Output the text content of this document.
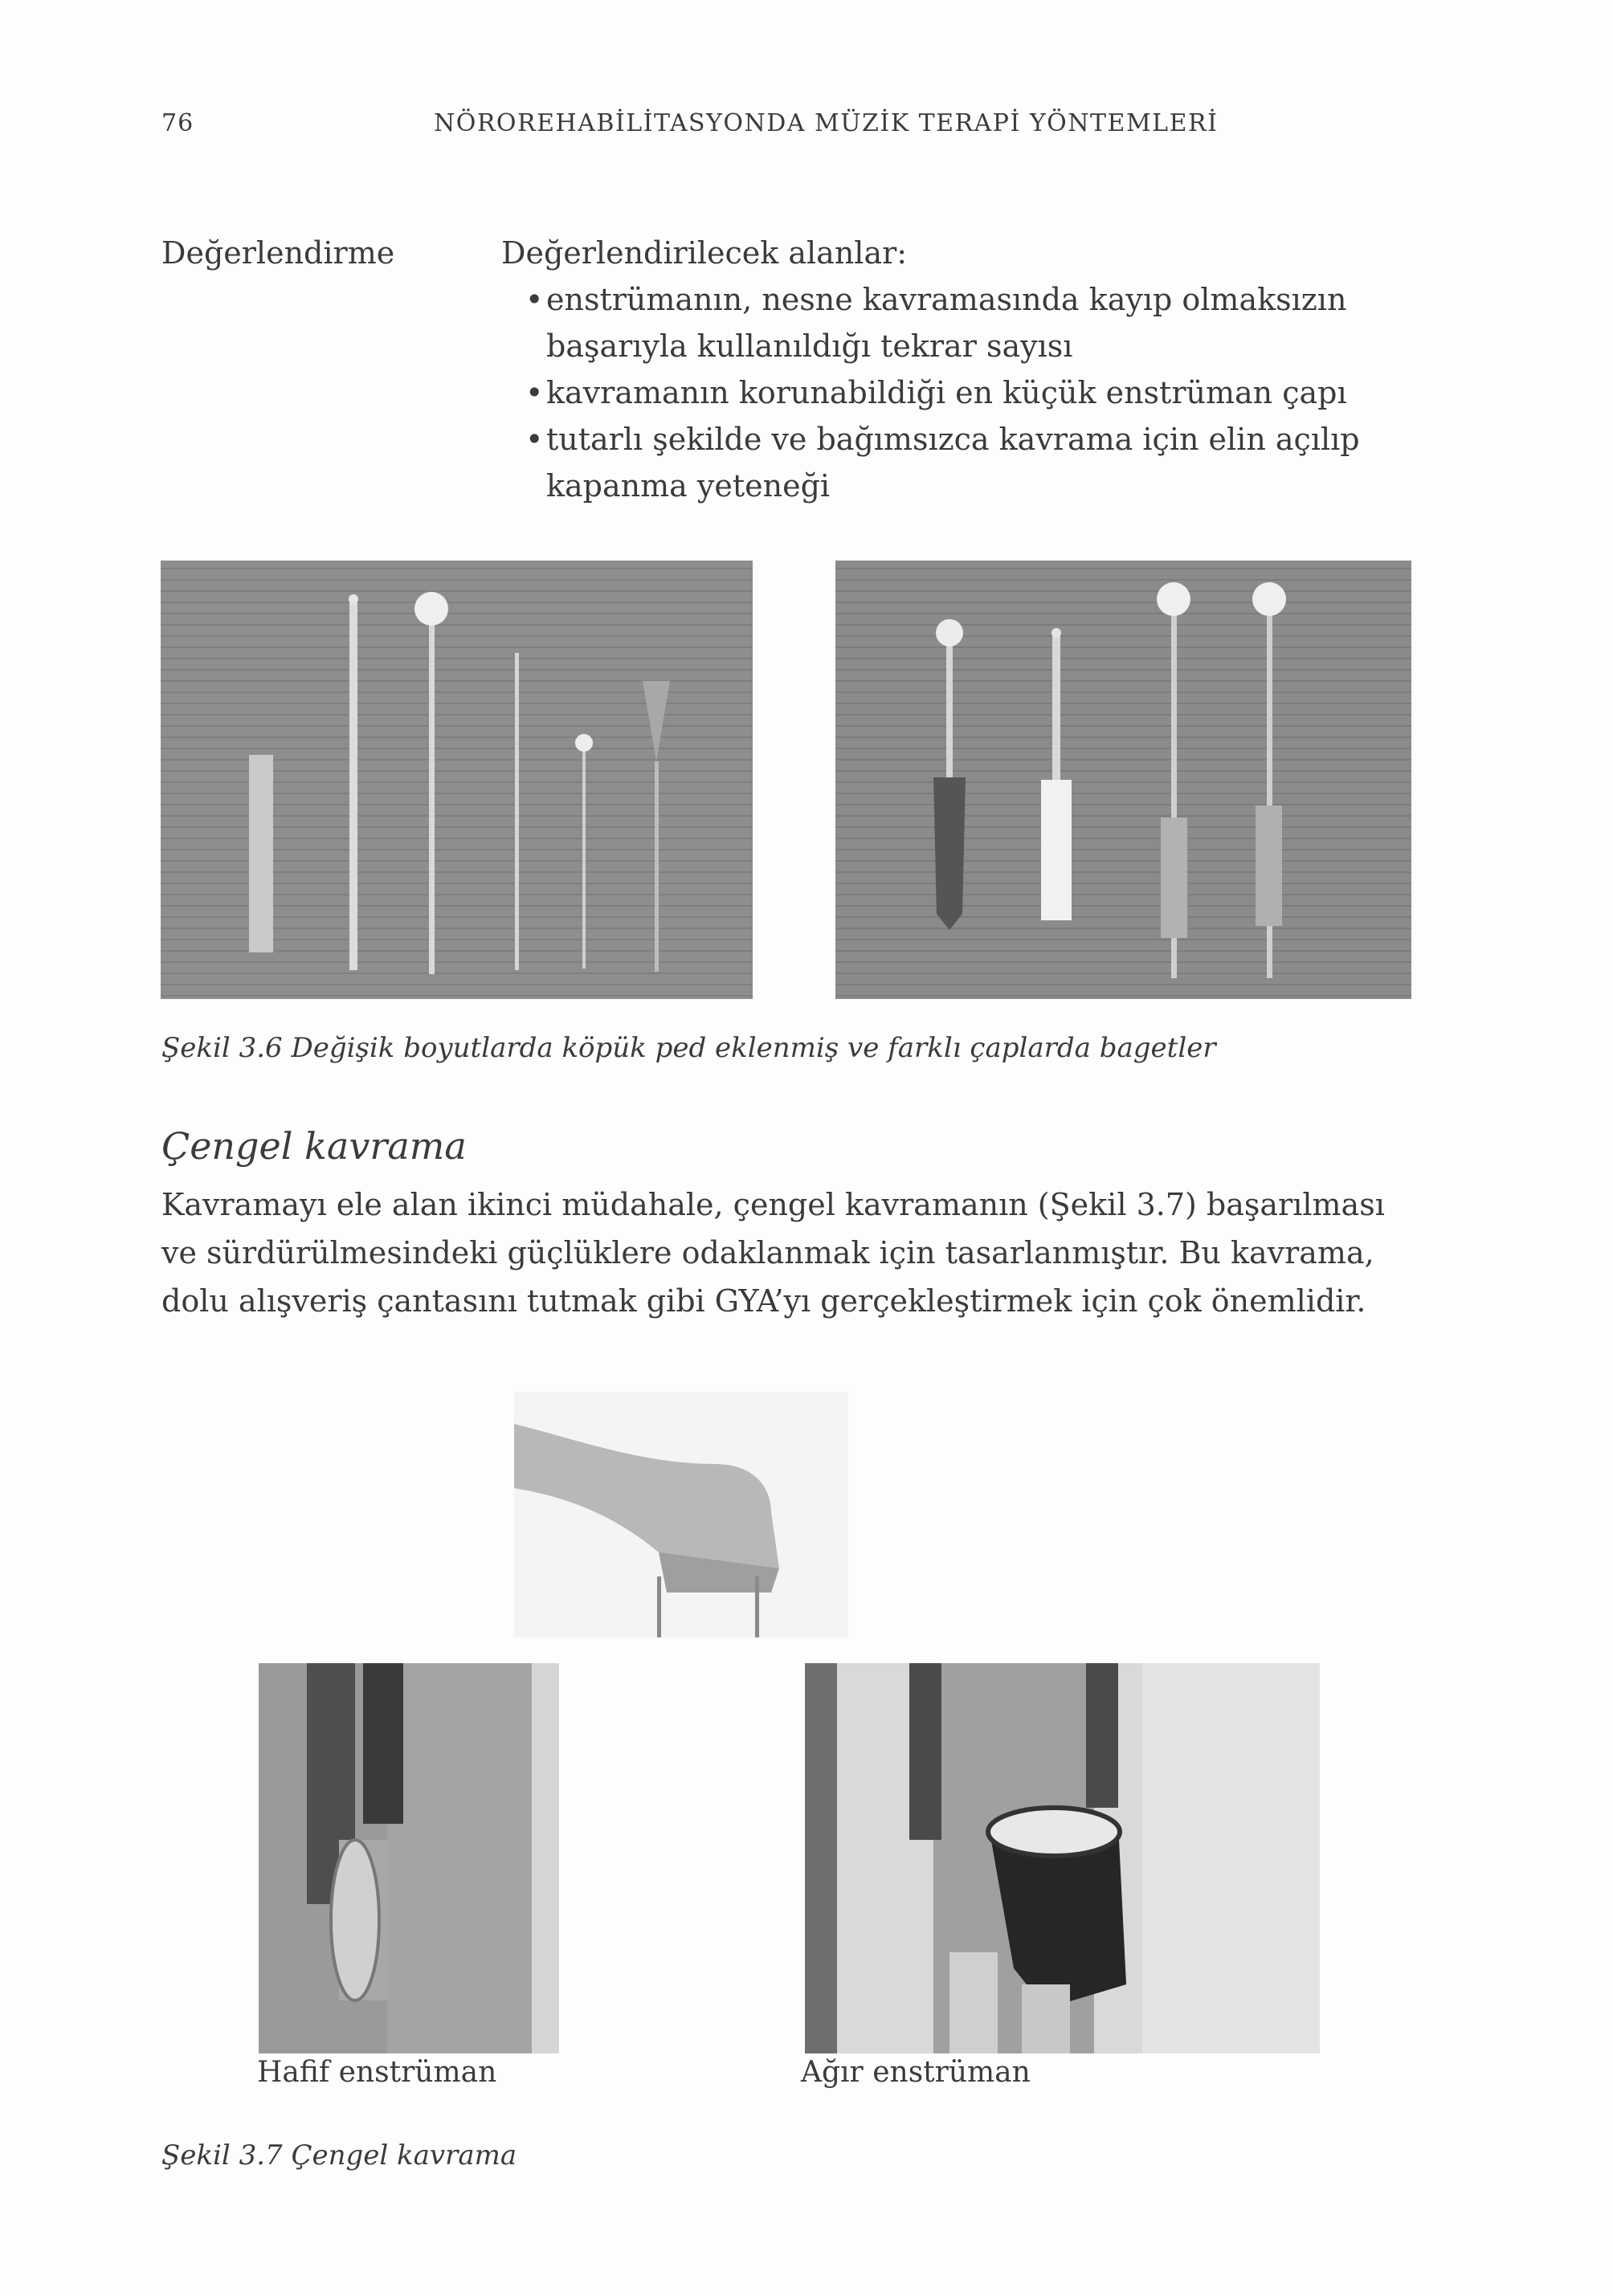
76	NÖROREHABİLİTASYONDA MÜZİK TERAPİ YÖNTEMLERİ
Değerlendirme	Değerlendirilecek alanlar:
• enstrümanın, nesne kavramasında kayıp olmaksızın başarıyla kullanıldığı tekrar sayısı
• kavramanın korunabildiği en küçük enstrüman çapı
• tutarlı şekilde ve bağımsızca kavrama için elin açılıp kapanma yeteneği
Şekil 3.6 Değişik boyutlarda köpük ped eklenmiş ve farklı çaplarda bagetler
Çengel kavrama

Kavramayı ele alan ikinci müdahale, çengel kavramanın (Şekil 3.7) başarılması ve sürdürülmesindeki güçlüklere odaklanmak için tasarlanmıştır. Bu kavrama, dolu alışveriş çantasını tutmak gibi GYA’yı gerçekleştirmek için çok önemlidir.

Hafif enstrüman	Ağır enstrüman
Şekil 3.7 Çengel kavrama
